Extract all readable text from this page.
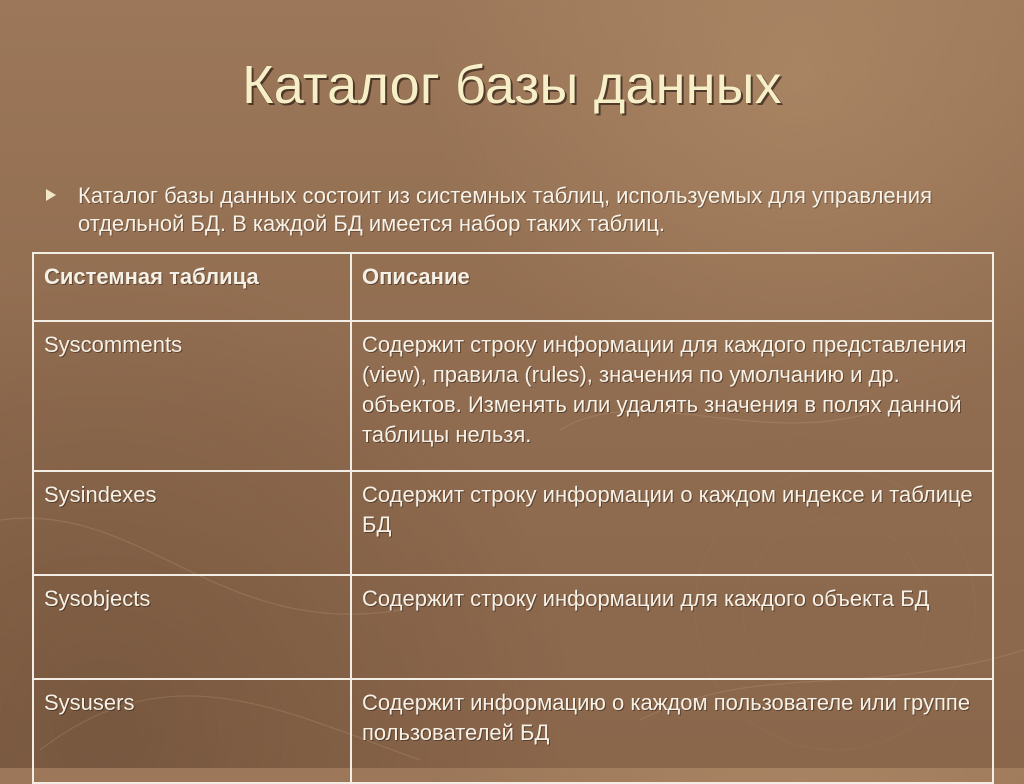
Каталог базы данных
Каталог базы данных состоит из системных таблиц, используемых для управления отдельной БД. В каждой БД имеется набор таких таблиц.
Системная таблица	Описание
Syscomments	Содержит строку информации для каждого представления (view), правила (rules), значения по умолчанию и др. объектов. Изменять или удалять значения в полях данной таблицы нельзя.
Sysindexes	Содержит строку информации о каждом индексе и таблице БД
Sysobjects	Содержит строку информации для каждого объекта БД
Sysusers	Содержит информацию о каждом пользователе или группе пользователей БД
